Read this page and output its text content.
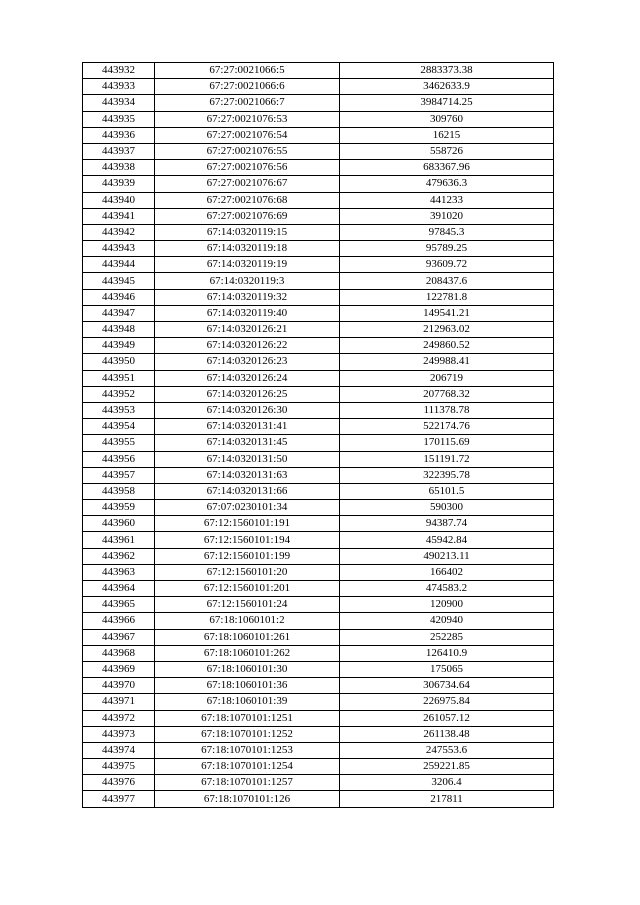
443932	67:27:0021066:5	2883373.38
443933	67:27:0021066:6	3462633.9
443934	67:27:0021066:7	3984714.25
443935	67:27:0021076:53	309760
443936	67:27:0021076:54	16215
443937	67:27:0021076:55	558726
443938	67:27:0021076:56	683367.96
443939	67:27:0021076:67	479636.3
443940	67:27:0021076:68	441233
443941	67:27:0021076:69	391020
443942	67:14:0320119:15	97845.3
443943	67:14:0320119:18	95789.25
443944	67:14:0320119:19	93609.72
443945	67:14:0320119:3	208437.6
443946	67:14:0320119:32	122781.8
443947	67:14:0320119:40	149541.21
443948	67:14:0320126:21	212963.02
443949	67:14:0320126:22	249860.52
443950	67:14:0320126:23	249988.41
443951	67:14:0320126:24	206719
443952	67:14:0320126:25	207768.32
443953	67:14:0320126:30	111378.78
443954	67:14:0320131:41	522174.76
443955	67:14:0320131:45	170115.69
443956	67:14:0320131:50	151191.72
443957	67:14:0320131:63	322395.78
443958	67:14:0320131:66	65101.5
443959	67:07:0230101:34	590300
443960	67:12:1560101:191	94387.74
443961	67:12:1560101:194	45942.84
443962	67:12:1560101:199	490213.11
443963	67:12:1560101:20	166402
443964	67:12:1560101:201	474583.2
443965	67:12:1560101:24	120900
443966	67:18:1060101:2	420940
443967	67:18:1060101:261	252285
443968	67:18:1060101:262	126410.9
443969	67:18:1060101:30	175065
443970	67:18:1060101:36	306734.64
443971	67:18:1060101:39	226975.84
443972	67:18:1070101:1251	261057.12
443973	67:18:1070101:1252	261138.48
443974	67:18:1070101:1253	247553.6
443975	67:18:1070101:1254	259221.85
443976	67:18:1070101:1257	3206.4
443977	67:18:1070101:126	217811
